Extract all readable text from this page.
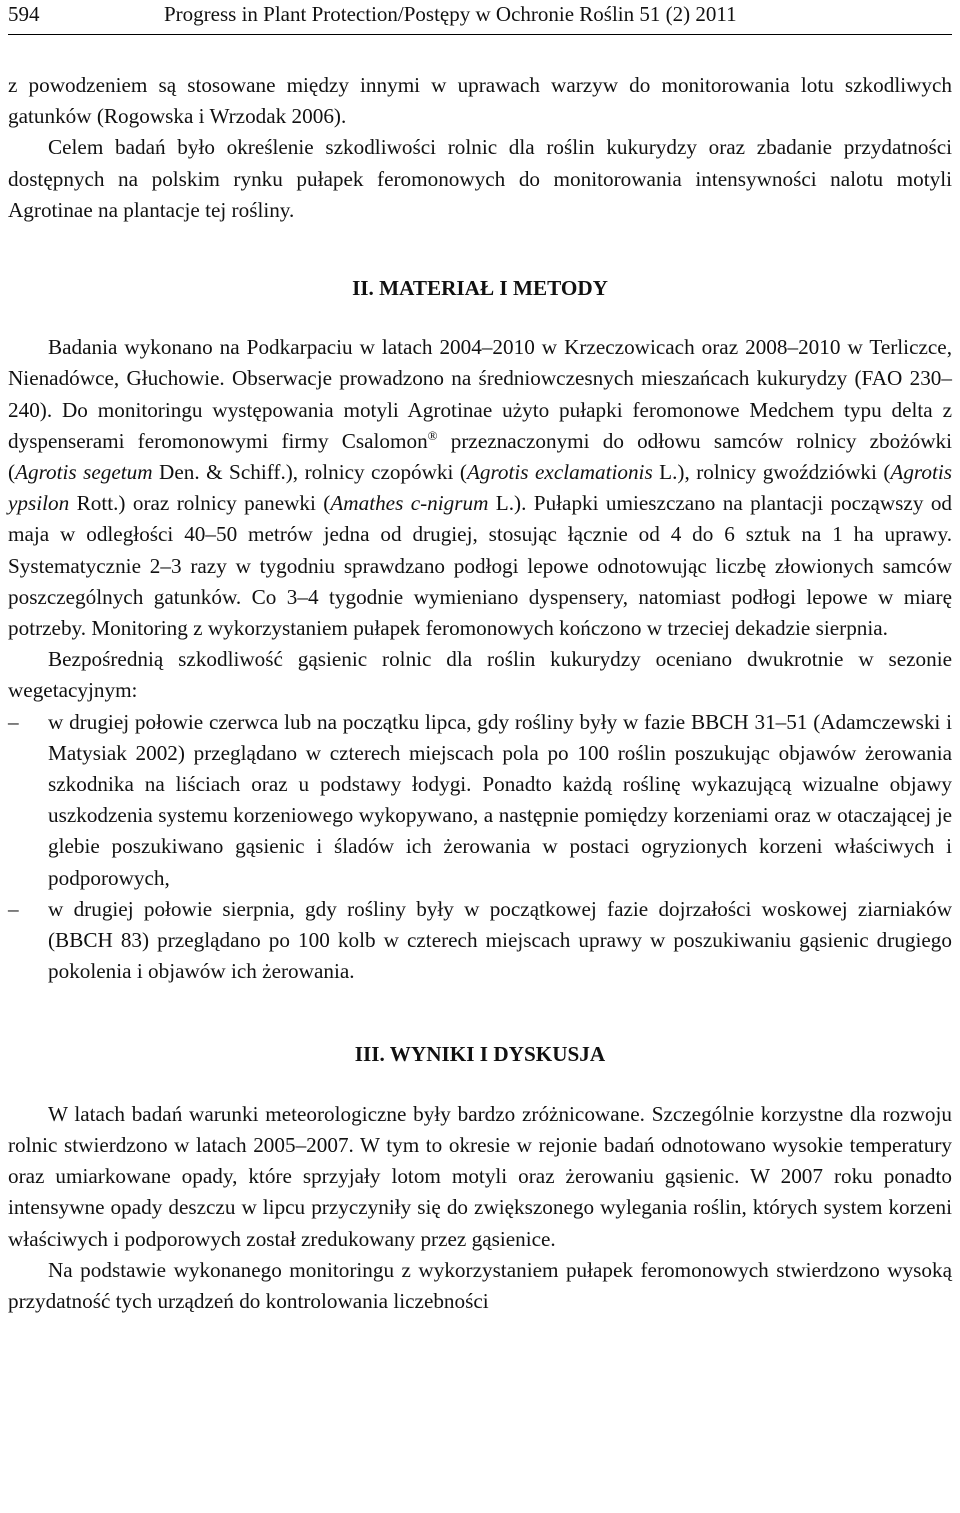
594	Progress in Plant Protection/Postępy w Ochronie Roślin 51 (2) 2011

z powodzeniem są stosowane między innymi w uprawach warzyw do monitorowania lotu szkodliwych gatunków (Rogowska i Wrzodak 2006).

Celem badań było określenie szkodliwości rolnic dla roślin kukurydzy oraz zbadanie przydatności dostępnych na polskim rynku pułapek feromonowych do monitorowania intensywności nalotu motyli Agrotinae na plantacje tej rośliny.

II. MATERIAŁ I METODY

Badania wykonano na Podkarpaciu w latach 2004–2010 w Krzeczowicach oraz 2008–2010 w Terliczce, Nienadówce, Głuchowie. Obserwacje prowadzono na średniowczesnych mieszańcach kukurydzy (FAO 230–240). Do monitoringu występowania motyli Agrotinae użyto pułapki feromonowe Medchem typu delta z dyspenserami feromonowymi firmy Csalomon® przeznaczonymi do odłowu samców rolnicy zbożówki (Agrotis segetum Den. & Schiff.), rolnicy czopówki (Agrotis exclamationis L.), rolnicy gwoździówki (Agrotis ypsilon Rott.) oraz rolnicy panewki (Amathes c-nigrum L.). Pułapki umieszczano na plantacji począwszy od maja w odległości 40–50 metrów jedna od drugiej, stosując łącznie od 4 do 6 sztuk na 1 ha uprawy. Systematycznie 2–3 razy w tygodniu sprawdzano podłogi lepowe odnotowując liczbę złowionych samców poszczególnych gatunków. Co 3–4 tygodnie wymieniano dyspensery, natomiast podłogi lepowe w miarę potrzeby. Monitoring z wykorzystaniem pułapek feromonowych kończono w trzeciej dekadzie sierpnia.

Bezpośrednią szkodliwość gąsienic rolnic dla roślin kukurydzy oceniano dwukrotnie w sezonie wegetacyjnym:

– w drugiej połowie czerwca lub na początku lipca, gdy rośliny były w fazie BBCH 31–51 (Adamczewski i Matysiak 2002) przeglądano w czterech miejscach pola po 100 roślin poszukując objawów żerowania szkodnika na liściach oraz u podstawy łodygi. Ponadto każdą roślinę wykazującą wizualne objawy uszkodzenia systemu korzeniowego wykopywano, a następnie pomiędzy korzeniami oraz w otaczającej je glebie poszukiwano gąsienic i śladów ich żerowania w postaci ogryzionych korzeni właściwych i podporowych,
– w drugiej połowie sierpnia, gdy rośliny były w początkowej fazie dojrzałości woskowej ziarniaków (BBCH 83) przeglądano po 100 kolb w czterech miejscach uprawy w poszukiwaniu gąsienic drugiego pokolenia i objawów ich żerowania.

III. WYNIKI I DYSKUSJA

W latach badań warunki meteorologiczne były bardzo zróżnicowane. Szczególnie korzystne dla rozwoju rolnic stwierdzono w latach 2005–2007. W tym to okresie w rejonie badań odnotowano wysokie temperatury oraz umiarkowane opady, które sprzyjały lotom motyli oraz żerowaniu gąsienic. W 2007 roku ponadto intensywne opady deszczu w lipcu przyczyniły się do zwiększonego wylegania roślin, których system korzeni właściwych i podporowych został zredukowany przez gąsienice.

Na podstawie wykonanego monitoringu z wykorzystaniem pułapek feromonowych stwierdzono wysoką przydatność tych urządzeń do kontrolowania liczebności
